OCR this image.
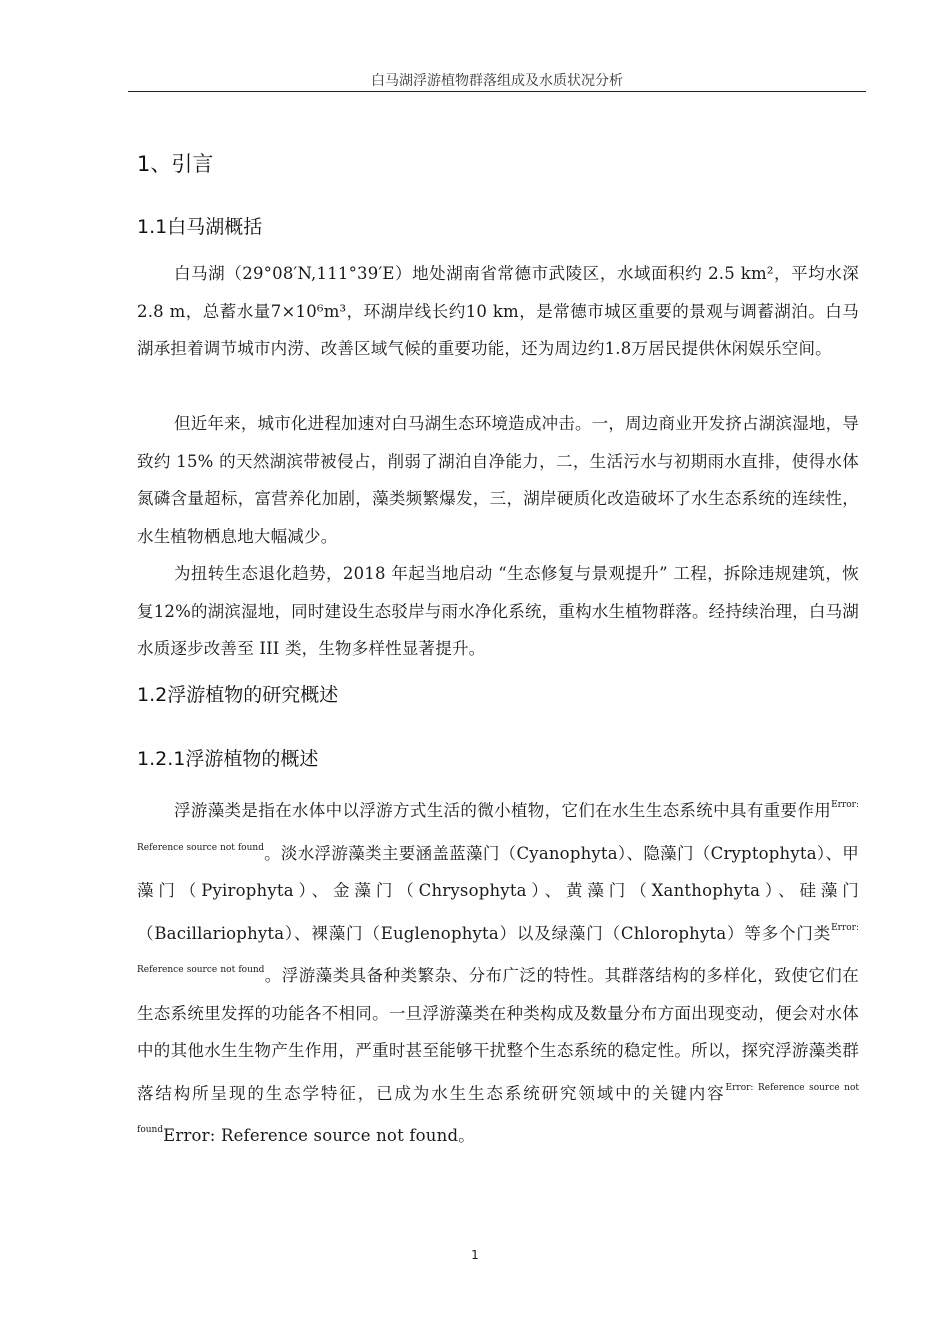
白马湖浮游植物群落组成及水质状况分析
1、引言
1.1白马湖概括

白马湖（29°08′N,111°39′E）地处湖南省常德市武陵区，水域面积约 2.5 km²，平均水深2.8 m，总蓄水量7×10⁶m³，环湖岸线长约10 km，是常德市城区重要的景观与调蓄湖泊。白马湖承担着调节城市内涝、改善区域气候的重要功能，还为周边约1.8万居民提供休闲娱乐空间。

但近年来，城市化进程加速对白马湖生态环境造成冲击。一，周边商业开发挤占湖滨湿地，导致约 15% 的天然湖滨带被侵占，削弱了湖泊自净能力，二，生活污水与初期雨水直排，使得水体氮磷含量超标，富营养化加剧，藻类频繁爆发，三，湖岸硬质化改造破坏了水生态系统的连续性，水生植物栖息地大幅减少。

为扭转生态退化趋势，2018 年起当地启动 “生态修复与景观提升” 工程，拆除违规建筑，恢复12%的湖滨湿地，同时建设生态驳岸与雨水净化系统，重构水生植物群落。经持续治理，白马湖水质逐步改善至 III 类，生物多样性显著提升。

1.2浮游植物的研究概述
1.2.1浮游植物的概述

浮游藻类是指在水体中以浮游方式生活的微小植物，它们在水生生态系统中具有重要作用$^{Error: Reference source not found}$。淡水浮游藻类主要涵盖蓝藻门（Cyanophyta）、隐藻门（Cryptophyta）、甲藻门（Pyirophyta）、金藻门（Chrysophyta）、黄藻门（Xanthophyta）、硅藻门（Bacillariophyta）、裸藻门（Euglenophyta）以及绿藻门（Chlorophyta）等多个门类$^{Error: Reference source not found}$。浮游藻类具备种类繁杂、分布广泛的特性。其群落结构的多样化，致使它们在生态系统里发挥的功能各不相同。一旦浮游藻类在种类构成及数量分布方面出现变动，便会对水体中的其他水生生物产生作用，严重时甚至能够干扰整个生态系统的稳定性。所以，探究浮游藻类群落结构所呈现的生态学特征，已成为水生生态系统研究领域中的关键内容$^{Error: Reference source not found}$Error: Reference source not found。

1
